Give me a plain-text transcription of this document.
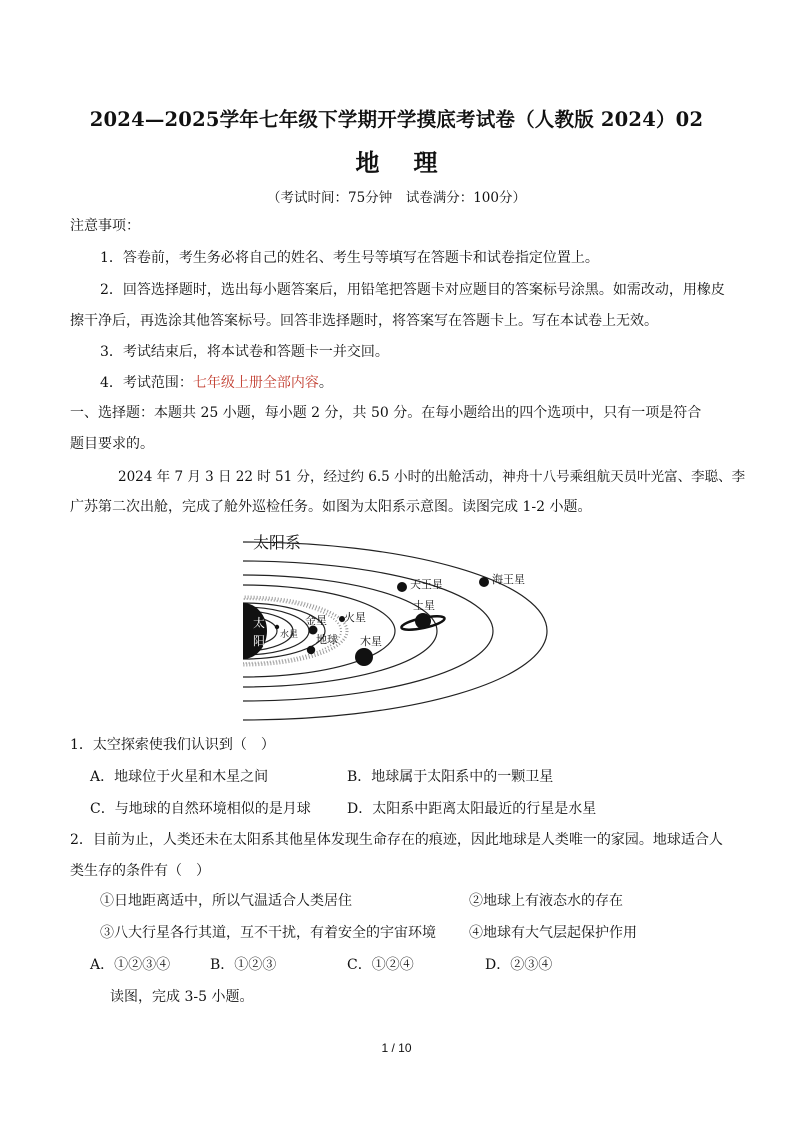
2024—2025学年七年级下学期开学摸底考试卷（人教版 2024）02
地理
（考试时间：75分钟　试卷满分：100分）
注意事项：
1．答卷前，考生务必将自己的姓名、考生号等填写在答题卡和试卷指定位置上。
2．回答选择题时，选出每小题答案后，用铅笔把答题卡对应题目的答案标号涂黑。如需改动，用橡皮
擦干净后，再选涂其他答案标号。回答非选择题时，将答案写在答题卡上。写在本试卷上无效。
3．考试结束后，将本试卷和答题卡一并交回。
4．考试范围：七年级上册全部内容。
一、选择题：本题共 25 小题，每小题 2 分，共 50 分。在每小题给出的四个选项中，只有一项是符合
题目要求的。
2024 年 7 月 3 日 22 时 51 分，经过约 6.5 小时的出舱活动，神舟十八号乘组航天员叶光富、李聪、李
广苏第二次出舱，完成了舱外巡检任务。如图为太阳系示意图。读图完成 1-2 小题。
太阳系
太
阳 水星
金星
地球
火星
木星
土星
天王星	海王星
1．太空探索使我们认识到（　）
A．地球位于火星和木星之间	B．地球属于太阳系中的一颗卫星
C．与地球的自然环境相似的是月球	D．太阳系中距离太阳最近的行星是水星
2．目前为止，人类还未在太阳系其他星体发现生命存在的痕迹，因此地球是人类唯一的家园。地球适合人
类生存的条件有（　）
①日地距离适中，所以气温适合人类居住	②地球上有液态水的存在
③八大行星各行其道，互不干扰，有着安全的宇宙环境 ④地球有大气层起保护作用
A．①②③④	B．①②③	C．①②④	D．②③④
读图，完成 3-5 小题。
1 / 10
